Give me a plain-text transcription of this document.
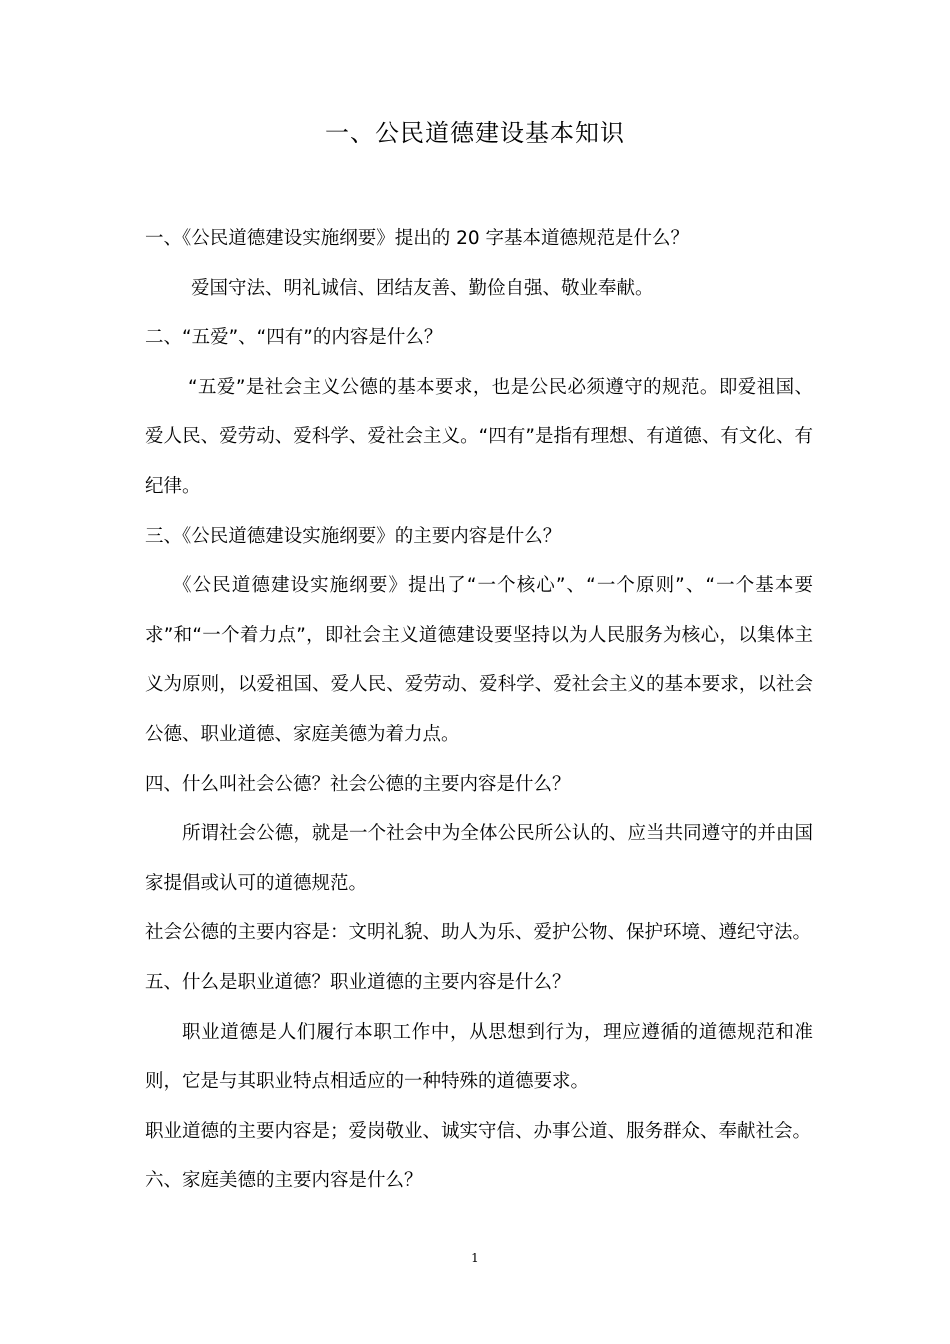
一、公民道德建设基本知识

一、《公民道德建设实施纲要》提出的 20 字基本道德规范是什么？

爱国守法、明礼诚信、团结友善、勤俭自强、敬业奉献。

二、“五爱”、“四有”的内容是什么？

“五爱”是社会主义公德的基本要求，也是公民必须遵守的规范。即爱祖国、爱人民、爱劳动、爱科学、爱社会主义。“四有”是指有理想、有道德、有文化、有纪律。

三、《公民道德建设实施纲要》的主要内容是什么？

《公民道德建设实施纲要》提出了“一个核心”、“一个原则”、“一个基本要求”和“一个着力点”，即社会主义道德建设要坚持以为人民服务为核心，以集体主义为原则，以爱祖国、爱人民、爱劳动、爱科学、爱社会主义的基本要求，以社会公德、职业道德、家庭美德为着力点。

四、什么叫社会公德？社会公德的主要内容是什么？

所谓社会公德，就是一个社会中为全体公民所公认的、应当共同遵守的并由国家提倡或认可的道德规范。

社会公德的主要内容是：文明礼貌、助人为乐、爱护公物、保护环境、遵纪守法。

五、什么是职业道德？职业道德的主要内容是什么？

职业道德是人们履行本职工作中，从思想到行为，理应遵循的道德规范和准则，它是与其职业特点相适应的一种特殊的道德要求。

职业道德的主要内容是；爱岗敬业、诚实守信、办事公道、服务群众、奉献社会。

六、家庭美德的主要内容是什么？

1
